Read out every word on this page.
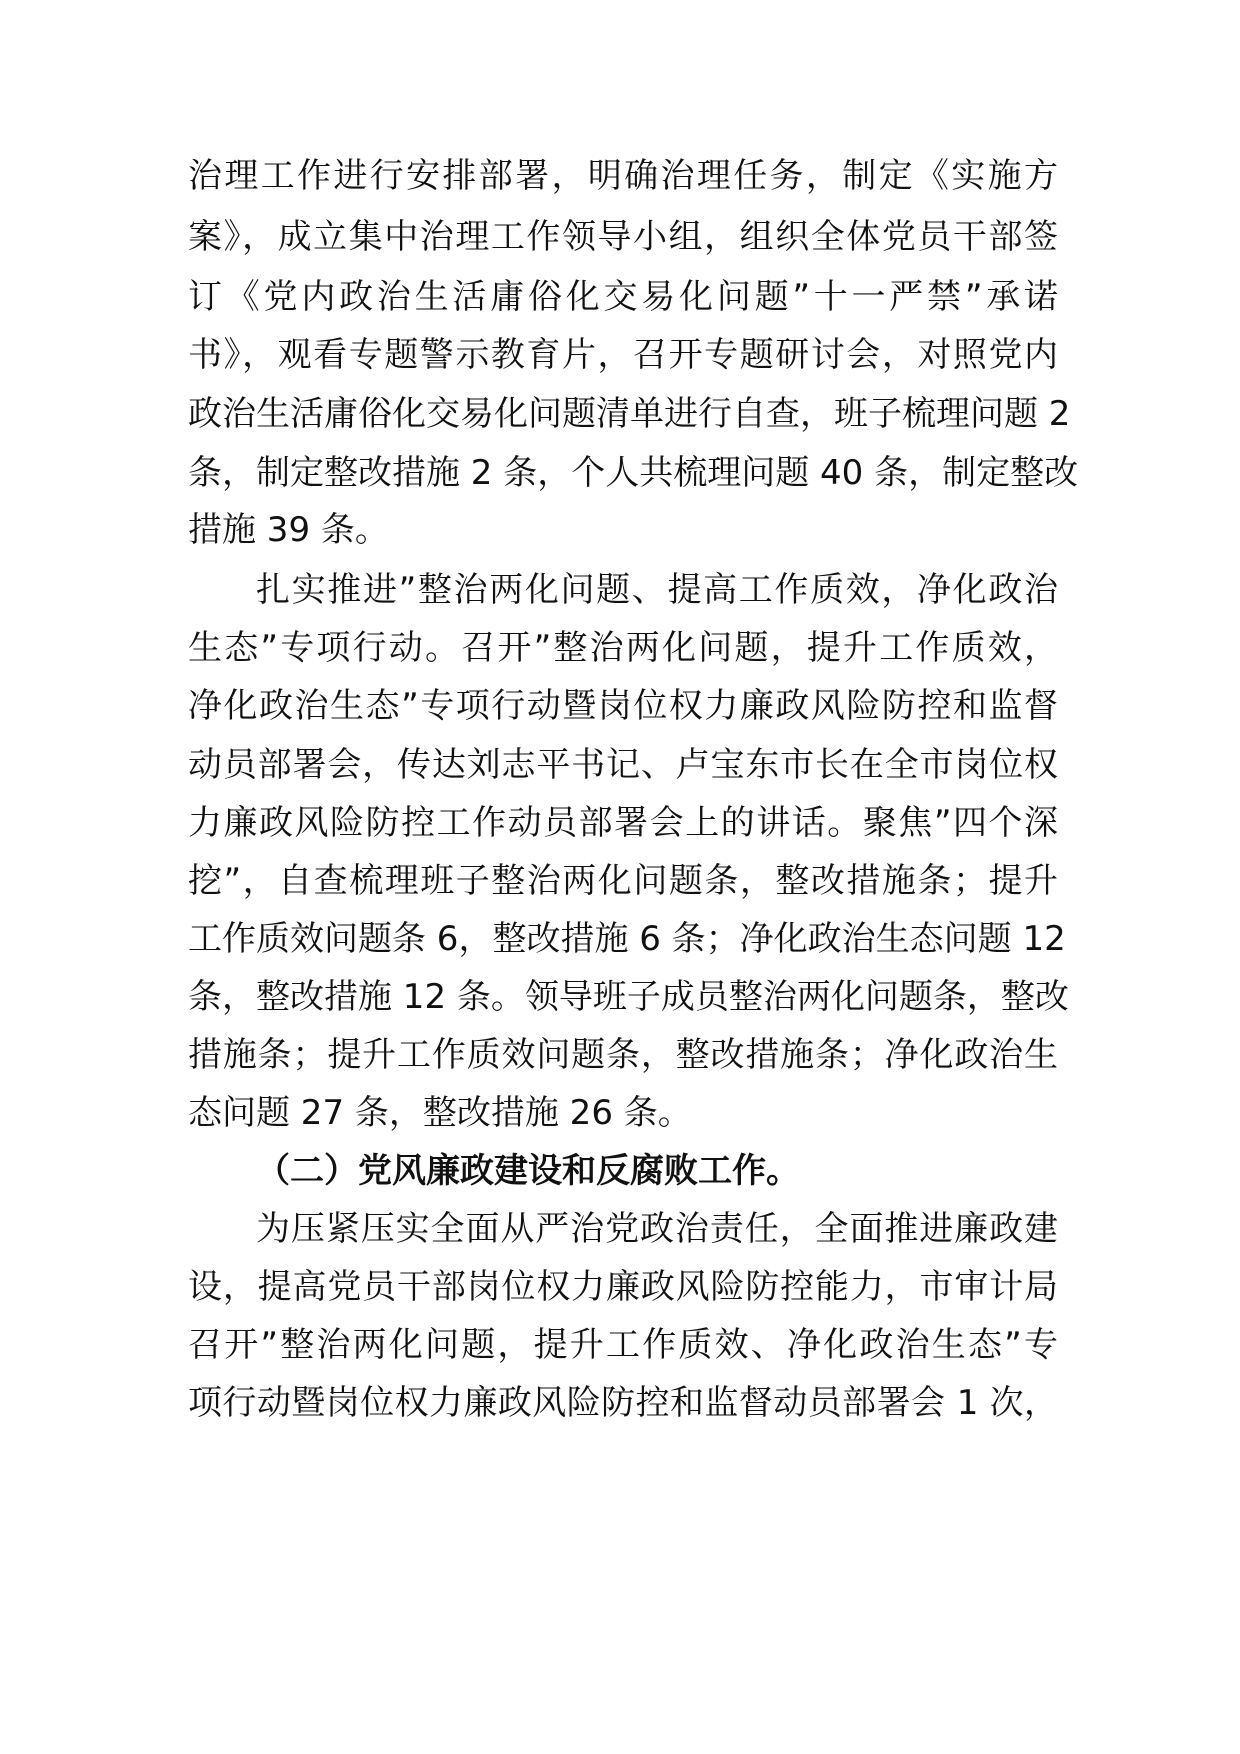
治理工作进行安排部署，明确治理任务，制定《实施方
案》，成立集中治理工作领导小组，组织全体党员干部签
订《党内政治生活庸俗化交易化问题”十一严禁”承诺
书》，观看专题警示教育片，召开专题研讨会，对照党内
政治生活庸俗化交易化问题清单进行自查，班子梳理问题 2
条，制定整改措施 2 条，个人共梳理问题 40 条，制定整改
措施 39 条。
扎实推进”整治两化问题、提高工作质效，净化政治
生态”专项行动。召开”整治两化问题，提升工作质效，
净化政治生态”专项行动暨岗位权力廉政风险防控和监督
动员部署会，传达刘志平书记、卢宝东市长在全市岗位权
力廉政风险防控工作动员部署会上的讲话。聚焦”四个深
挖”，自查梳理班子整治两化问题条，整改措施条；提升
工作质效问题条 6，整改措施 6 条；净化政治生态问题 12
条，整改措施 12 条。领导班子成员整治两化问题条，整改
措施条；提升工作质效问题条，整改措施条；净化政治生
态问题 27 条，整改措施 26 条。
（二）党风廉政建设和反腐败工作。
为压紧压实全面从严治党政治责任，全面推进廉政建
设，提高党员干部岗位权力廉政风险防控能力，市审计局
召开”整治两化问题，提升工作质效、净化政治生态”专
项行动暨岗位权力廉政风险防控和监督动员部署会 1 次，
